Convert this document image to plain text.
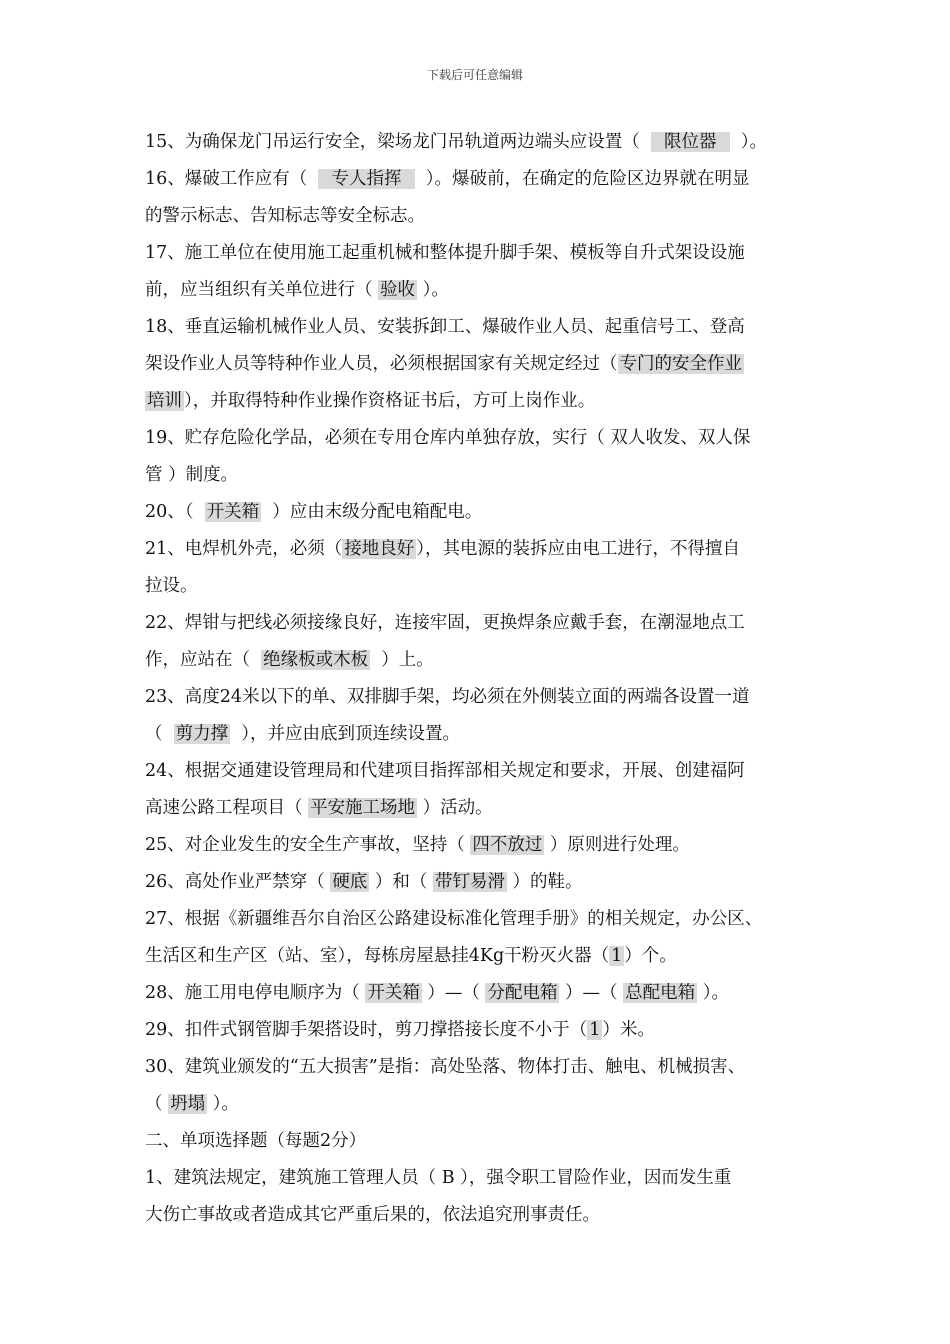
下载后可任意编辑
15、为确保龙门吊运行安全，梁场龙门吊轨道两边端头应设置（    限位器    ）。
16、爆破工作应有（    专人指挥    ）。爆破前，在确定的危险区边界就在明显
的警示标志、告知标志等安全标志。
17、施工单位在使用施工起重机械和整体提升脚手架、模板等自升式架设设施
前，应当组织有关单位进行（ 验收 ）。
18、垂直运输机械作业人员、安装拆卸工、爆破作业人员、起重信号工、登高
架设作业人员等特种作业人员，必须根据国家有关规定经过（ 专门的安全作业
培训 ），并取得特种作业操作资格证书后，方可上岗作业。
19、贮存危险化学品，必须在专用仓库内单独存放，实行（ 双人收发、双人保
管 ）制度。
20、（  开关箱  ）应由末级分配电箱配电。
21、电焊机外壳，必须（ 接地良好 ），其电源的装拆应由电工进行，不得擅自
拉设。
22、焊钳与把线必须接缘良好，连接牢固，更换焊条应戴手套，在潮湿地点工
作，应站在（  绝缘板或木板  ）上。
23、高度24米以下的单、双排脚手架，均必须在外侧装立面的两端各设置一道
（  剪力撑  ），并应由底到顶连续设置。
24、根据交通建设管理局和代建项目指挥部相关规定和要求，开展、创建福阿
高速公路工程项目（ 平安施工场地 ）活动。
25、对企业发生的安全生产事故，坚持（ 四不放过 ）原则进行处理。
26、高处作业严禁穿（ 硬底 ）和（ 带钉易滑 ）的鞋。
27、根据《新疆维吾尔自治区公路建设标准化管理手册》的相关规定，办公区、
生活区和生产区（站、室），每栋房屋悬挂4Kg干粉灭火器（ 1 ）个。
28、施工用电停电顺序为（ 开关箱 ）—（ 分配电箱 ）—（ 总配电箱 ）。
29、扣件式钢管脚手架搭设时，剪刀撑搭接长度不小于（ 1 ）米。
30、建筑业颁发的“五大损害”是指：高处坠落、物体打击、触电、机械损害、
（ 坍塌 ）。
二、单项选择题（每题2分）
1、建筑法规定，建筑施工管理人员（ B ），强令职工冒险作业，因而发生重
大伤亡事故或者造成其它严重后果的，依法追究刑事责任。
